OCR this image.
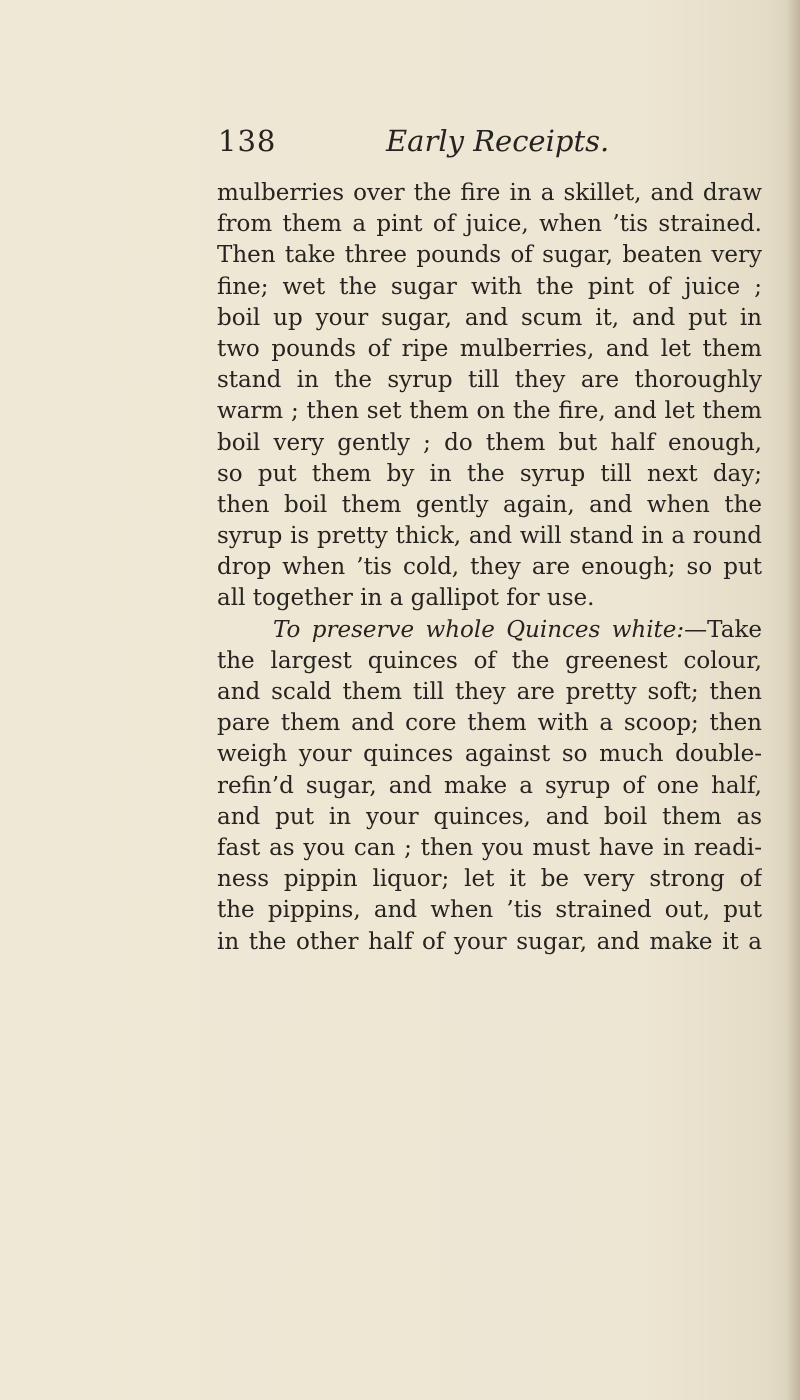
138	Early Receipts.
mulberries over the fire in a skillet, and draw
from them a pint of juice, when ’tis strained.
Then take three pounds of sugar, beaten very
fine; wet the sugar with the pint of juice ;
boil up your sugar, and scum it, and put in
two pounds of ripe mulberries, and let them
stand in the syrup till they are thoroughly
warm ; then set them on the fire, and let them
boil very gently ; do them but half enough,
so put them by in the syrup till next day;
then boil them gently again, and when the
syrup is pretty thick, and will stand in a round
drop when ’tis cold, they are enough; so put
all together in a gallipot for use.
To preserve whole Quinces white:—Take
the largest quinces of the greenest colour,
and scald them till they are pretty soft; then
pare them and core them with a scoop; then
weigh your quinces against so much double-
refin’d sugar, and make a syrup of one half,
and put in your quinces, and boil them as
fast as you can ; then you must have in readi-
ness pippin liquor; let it be very strong of
the pippins, and when ’tis strained out, put
in the other half of your sugar, and make it a
